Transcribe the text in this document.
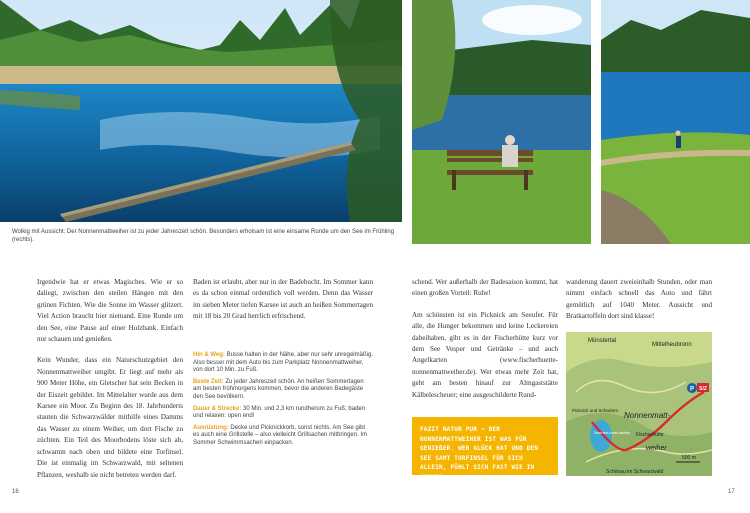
Wolkig mit Aussicht: Der Nonnenmattweiher ist zu jeder Jahreszeit schön. Besonders erholsam ist eine einsame Runde um den See im Frühling (rechts).

Irgendwie hat er etwas Magisches. Wie er so daliegt, zwischen den steilen Hängen mit den grünen Fichten. Wie die Sonne im Wasser glitzert. Viel Action braucht hier niemand. Eine Runde um den See, eine Pause auf einer Holzbank. Einfach nur schauen und genießen.

Kein Wunder, dass ein Naturschutzgebiet den Nonnenmattweiher umgibt. Er liegt auf mehr als 900 Meter Höhe, ein Gletscher hat sein Becken in der Eiszeit gebildet. Im Mittelalter wurde aus dem Karsee ein Moor. Zu Beginn des 18. Jahrhunderts stauten die Schwarzwälder mithilfe eines Damms das Wasser zu einem Weiher, um dort Fische zu züchten. Ein Teil des Moorbodens löste sich ab, schwamm nach oben und bildete eine Torfinsel. Die ist einmalig im Schwarzwald, mit seltenen Pflanzen, weshalb sie nicht betreten werden darf.

Baden ist erlaubt, aber nur in der Badebucht. Im Sommer kann es da schon einmal ordentlich voll werden. Denn das Wasser im sieben Meter tiefen Karsee ist auch an heißen Sommertagen mit 18 bis 20 Grad herrlich erfrischend.

Hin & Weg: Busse halten in der Nähe, aber nur sehr unregelmäßig. Also besser mit dem Auto bis zum Parkplatz Nonnenmattweiher, von dort 10 Min. zu Fuß.

Beste Zeit: Zu jeder Jahreszeit schön. An heißen Sommertagen am besten frühmorgens kommen, bevor die anderen Badegäste den See bevölkern.

Dauer & Strecke: 30 Min. und 2,3 km rundherum zu Fuß; baden und relaxen: open end!

Ausrüstung: Decke und Picknickkorb, sonst nichts. Am See gibt es auch eine Grillstelle – also vielleicht Grillsachen mitbringen. Im Sommer Schwimmsachen einpacken.

schend. Wer außerhalb der Badesaison kommt, hat einen großen Vorteil: Ruhe!

Am schönsten ist ein Picknick am Seeufer. Für alle, die Hunger bekommen und keine Leckereien dabeihaben, gibt es in der Fischerhütte kurz vor dem See Vesper und Getränke – und auch Angelkarten (www.fischerhuette-nonnenmattweiher.de). Wer etwas mehr Zeit hat, geht am besten hinauf zur Almgaststätte Kälbelescheuer; eine ausgeschilderte Rund-

wanderung dauert zweieinhalb Stunden, oder man nimmt einfach schnell das Auto und fährt gemütlich auf 1040 Meter. Aussicht und Bratkartoffeln dort sind klasse!

FAZIT NATUR PUR – DER NONNENMATTWEIHER IST WAS FÜR GENIEßER. WER GLÜCK HAT UND DEN SEE SAMT TORFINSEL FÜR SICH ALLEIN, FÜHLT SICH FAST WIE IN KANADA.
P S/Z
Münstertal
Mittelheubronn
Nonnenmatt-
weiher
Picknick und Schwimm
Nonnen-matt-weiher Fischerhütte
500 m
Schönau im Schwarzwald
16	17
